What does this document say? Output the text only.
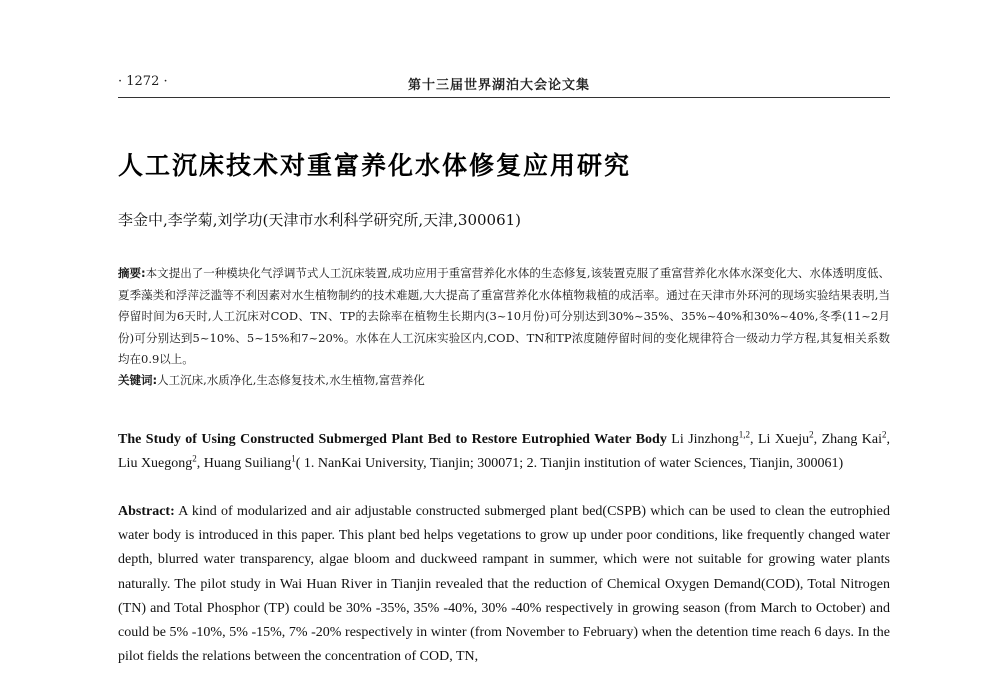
· 1272 ·	第十三届世界湖泊大会论文集
人工沉床技术对重富养化水体修复应用研究
李金中,李学菊,刘学功(天津市水利科学研究所,天津,300061)
摘要:本文提出了一种模块化气浮调节式人工沉床装置,成功应用于重富营养化水体的生态修复,该装置克服了重富营养化水体水深变化大、水体透明度低、夏季藻类和浮萍泛滥等不利因素对水生植物制约的技术难题,大大提高了重富营养化水体植物栽植的成活率。通过在天津市外环河的现场实验结果表明,当停留时间为6天时,人工沉床对COD、TN、TP的去除率在植物生长期内(3~10月份)可分别达到30%~35%、35%~40%和30%~40%,冬季(11~2月份)可分别达到5~10%、5~15%和7~20%。水体在人工沉床实验区内,COD、TN和TP浓度随停留时间的变化规律符合一级动力学方程,其复相关系数均在0.9以上。
关键词:人工沉床,水质净化,生态修复技术,水生植物,富营养化
The Study of Using Constructed Submerged Plant Bed to Restore Eutrophied Water Body Li Jinzhong$^{1,2}$, Li Xueju$^2$, Zhang Kai$^2$, Liu Xuegong$^2$, Huang Suiliang$^1$( 1. NanKai University, Tianjin; 300071; 2. Tianjin institution of water Sciences, Tianjin, 300061)
Abstract: A kind of modularized and air adjustable constructed submerged plant bed(CSPB) which can be used to clean the eutrophied water body is introduced in this paper. This plant bed helps vegetations to grow up under poor conditions, like frequently changed water depth, blurred water transparency, algae bloom and duckweed rampant in summer, which were not suitable for growing water plants naturally. The pilot study in Wai Huan River in Tianjin revealed that the reduction of Chemical Oxygen Demand(COD), Total Nitrogen (TN) and Total Phosphor (TP) could be 30% -35%, 35% -40%, 30% -40% respectively in growing season (from March to October) and could be 5% -10%, 5% -15%, 7% -20% respectively in winter (from November to February) when the detention time reach 6 days. In the pilot fields the relations between the concentration of COD, TN,
